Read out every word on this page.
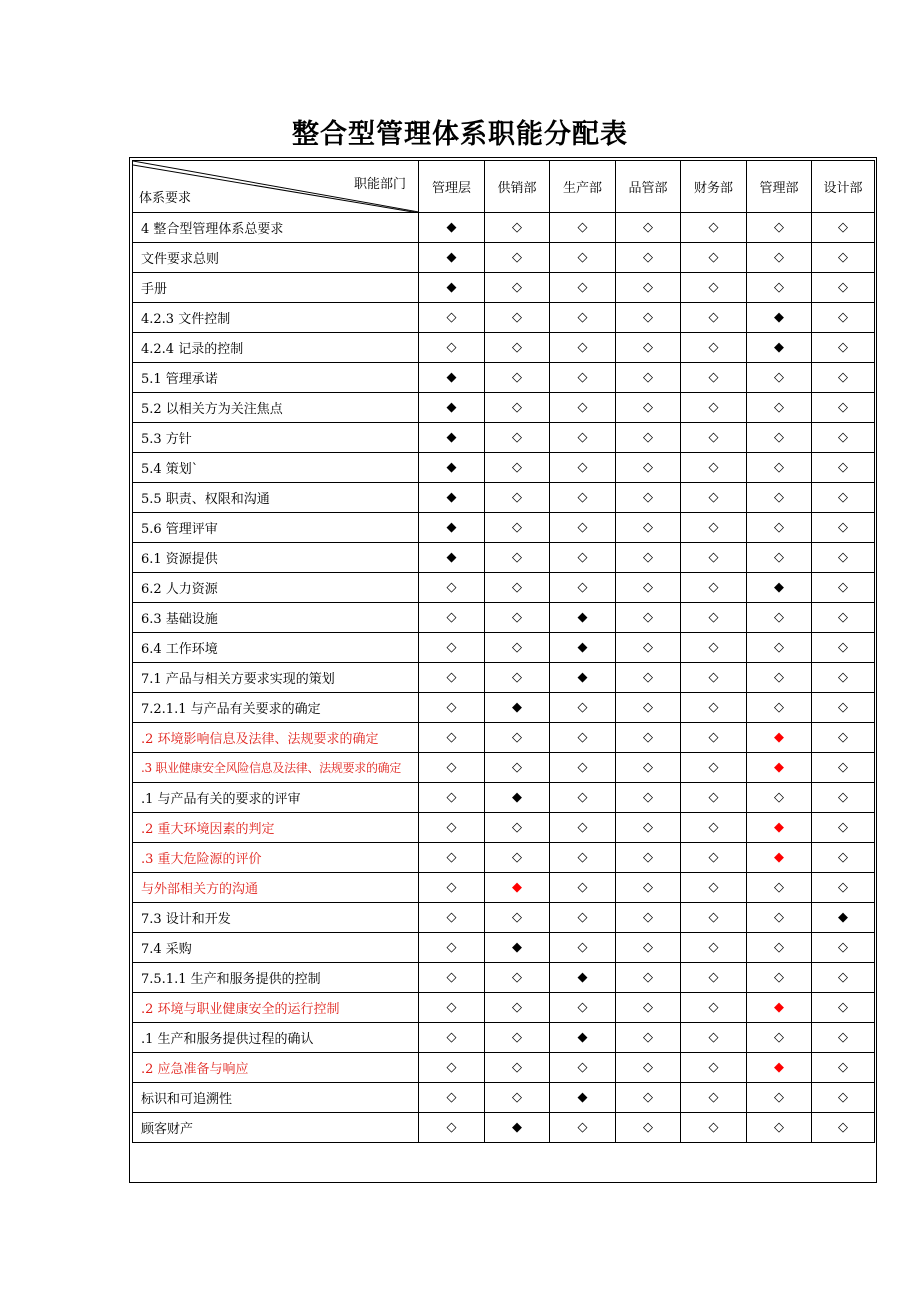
整合型管理体系职能分配表
职能部门
体系要求	管理层	供销部	生产部	品管部	财务部	管理部	设计部
4 整合型管理体系总要求	◆	◇	◇	◇	◇	◇	◇
文件要求总则	◆	◇	◇	◇	◇	◇	◇
手册	◆	◇	◇	◇	◇	◇	◇
4.2.3 文件控制	◇	◇	◇	◇	◇	◆	◇
4.2.4 记录的控制	◇	◇	◇	◇	◇	◆	◇
5.1 管理承诺	◆	◇	◇	◇	◇	◇	◇
5.2 以相关方为关注焦点	◆	◇	◇	◇	◇	◇	◇
5.3 方针	◆	◇	◇	◇	◇	◇	◇
5.4 策划`	◆	◇	◇	◇	◇	◇	◇
5.5 职责、权限和沟通	◆	◇	◇	◇	◇	◇	◇
5.6 管理评审	◆	◇	◇	◇	◇	◇	◇
6.1 资源提供	◆	◇	◇	◇	◇	◇	◇
6.2 人力资源	◇	◇	◇	◇	◇	◆	◇
6.3 基础设施	◇	◇	◆	◇	◇	◇	◇
6.4 工作环境	◇	◇	◆	◇	◇	◇	◇
7.1 产品与相关方要求实现的策划	◇	◇	◆	◇	◇	◇	◇
7.2.1.1 与产品有关要求的确定	◇	◆	◇	◇	◇	◇	◇
.2 环境影响信息及法律、法规要求的确定	◇	◇	◇	◇	◇	◆	◇
.3 职业健康安全风险信息及法律、法规要求的确定	◇	◇	◇	◇	◇	◆	◇
.1 与产品有关的要求的评审	◇	◆	◇	◇	◇	◇	◇
.2 重大环境因素的判定	◇	◇	◇	◇	◇	◆	◇
.3 重大危险源的评价	◇	◇	◇	◇	◇	◆	◇
与外部相关方的沟通	◇	◆	◇	◇	◇	◇	◇
7.3 设计和开发	◇	◇	◇	◇	◇	◇	◆
7.4 采购	◇	◆	◇	◇	◇	◇	◇
7.5.1.1 生产和服务提供的控制	◇	◇	◆	◇	◇	◇	◇
.2 环境与职业健康安全的运行控制	◇	◇	◇	◇	◇	◆	◇
.1 生产和服务提供过程的确认	◇	◇	◆	◇	◇	◇	◇
.2 应急准备与响应	◇	◇	◇	◇	◇	◆	◇
标识和可追溯性	◇	◇	◆	◇	◇	◇	◇
顾客财产	◇	◆	◇	◇	◇	◇	◇
